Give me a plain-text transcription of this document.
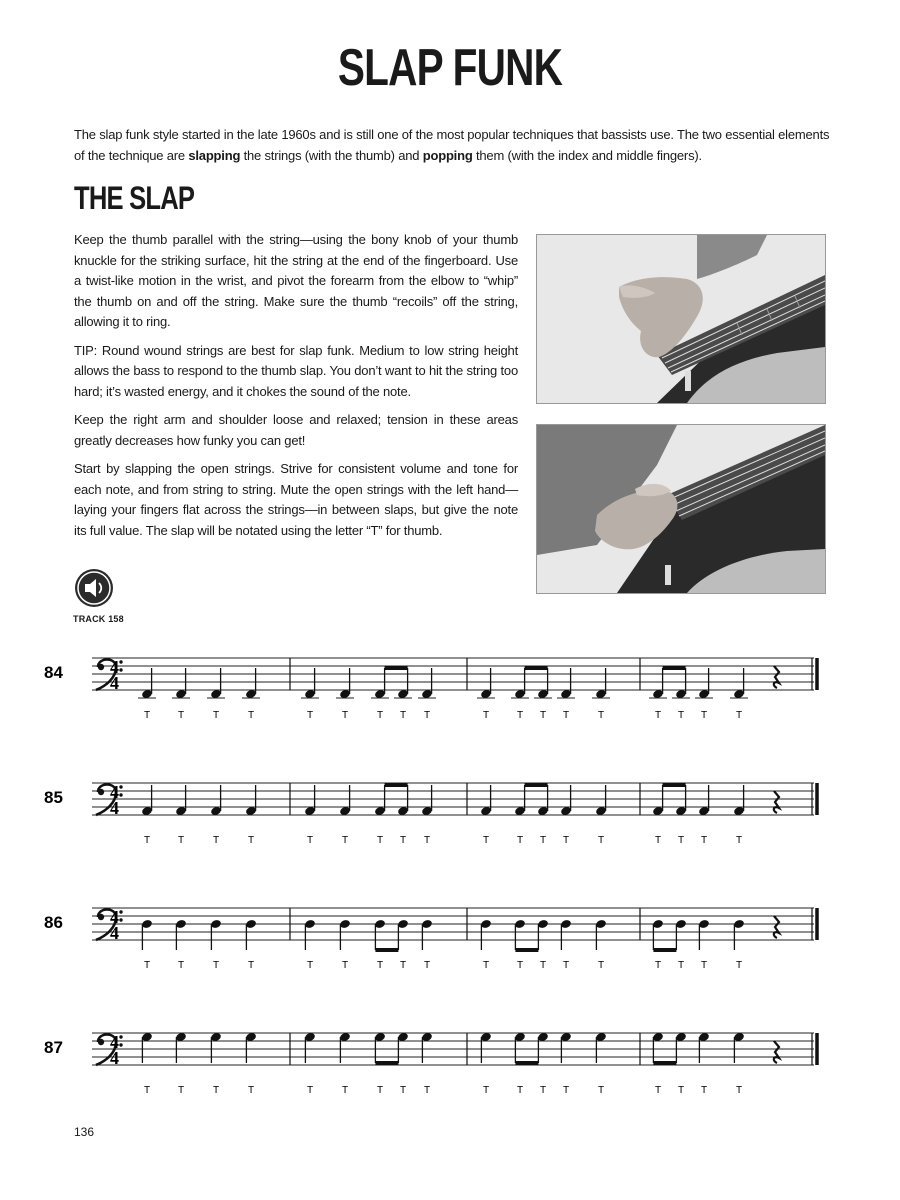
SLAP FUNK
The slap funk style started in the late 1960s and is still one of the most popular techniques that bassists use. The two essential elements of the technique are slapping the strings (with the thumb) and popping them (with the index and middle fingers).
THE SLAP

Keep the thumb parallel with the string—using the bony knob of your thumb knuckle for the striking surface, hit the string at the end of the fingerboard. Use a twist-like motion in the wrist, and pivot the forearm from the elbow to “whip” the thumb on and off the string. Make sure the thumb “recoils” off the string, allowing it to ring.

TIP: Round wound strings are best for slap funk. Medium to low string height allows the bass to respond to the thumb slap. You don’t want to hit the string too hard; it’s wasted energy, and it chokes the sound of the note.

Keep the right arm and shoulder loose and relaxed; tension in these areas greatly decreases how funky you can get!

Start by slapping the open strings. Strive for consistent volume and tone for each note, and from string to string. Mute the open strings with the left hand—laying your fingers flat across the strings—in between slaps, but give the note its full value. The slap will be notated using the letter “T” for thumb.

TRACK 158
84	4
4
T	T	T	T	T	T	T T T	T	T T T	T	T T T	T
85	4
4
T	T	T	T	T	T	T T T	T	T T T	T	T T T	T
86	4
4
T	T	T	T	T	T	T T T	T	T T T	T	T T T	T
87	4
4
T	T	T	T	T	T	T T T	T	T T T	T	T T T	T
136
